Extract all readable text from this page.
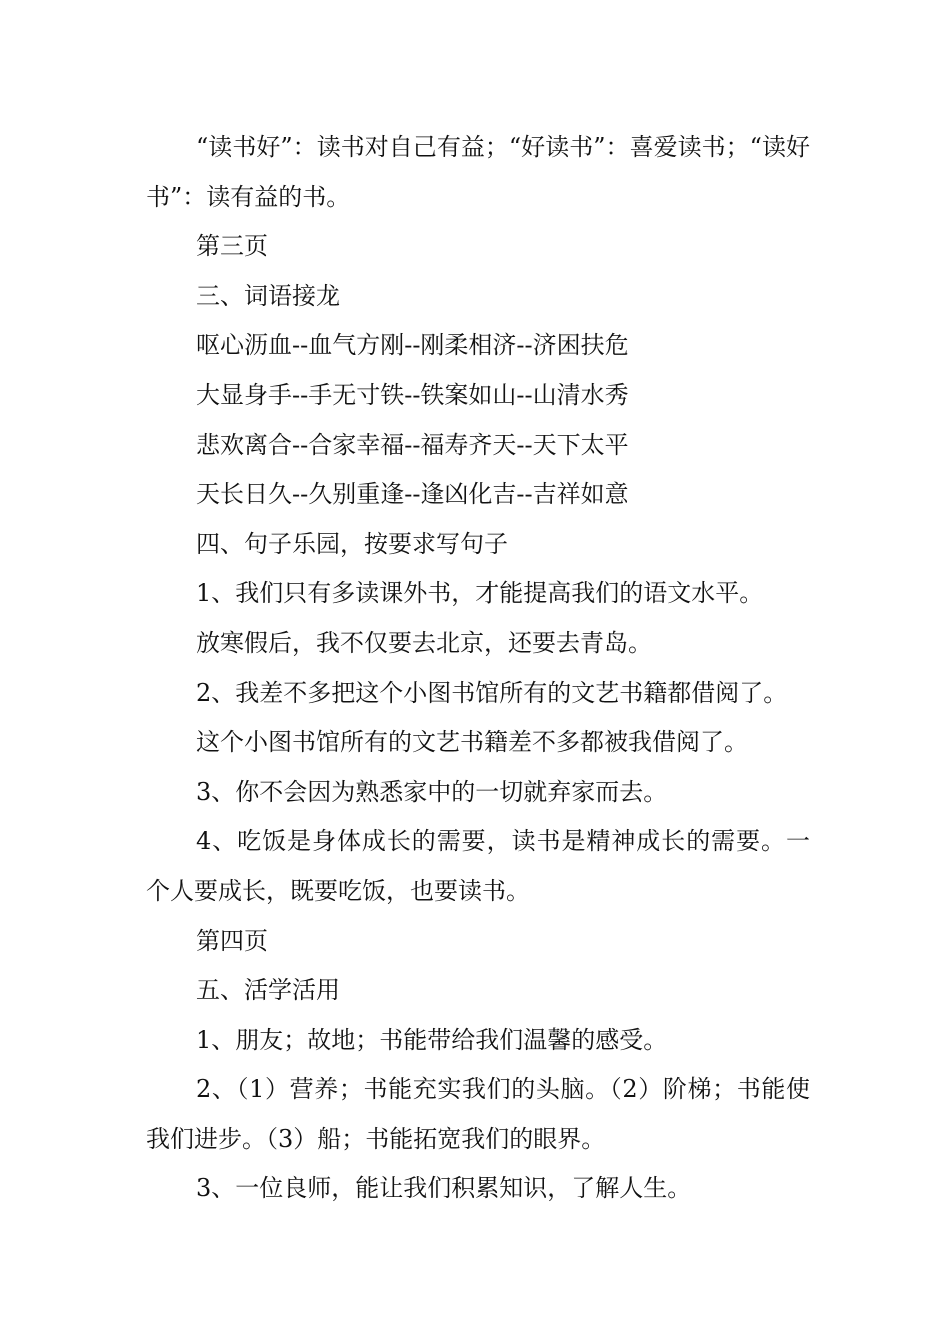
“读书好”：读书对自己有益；“好读书”：喜爱读书；“读好书”：读有益的书。

第三页
三、词语接龙
呕心沥血--血气方刚--刚柔相济--济困扶危
大显身手--手无寸铁--铁案如山--山清水秀
悲欢离合--合家幸福--福寿齐天--天下太平
天长日久--久别重逢--逢凶化吉--吉祥如意
四、句子乐园，按要求写句子
1、我们只有多读课外书，才能提高我们的语文水平。
放寒假后，我不仅要去北京，还要去青岛。
2、我差不多把这个小图书馆所有的文艺书籍都借阅了。
这个小图书馆所有的文艺书籍差不多都被我借阅了。
3、你不会因为熟悉家中的一切就弃家而去。

4、吃饭是身体成长的需要，读书是精神成长的需要。一个人要成长，既要吃饭，也要读书。

第四页
五、活学活用
1、朋友；故地；书能带给我们温馨的感受。

2、（1）营养；书能充实我们的头脑。（2）阶梯；书能使我们进步。（3）船；书能拓宽我们的眼界。

3、一位良师，能让我们积累知识，了解人生。
